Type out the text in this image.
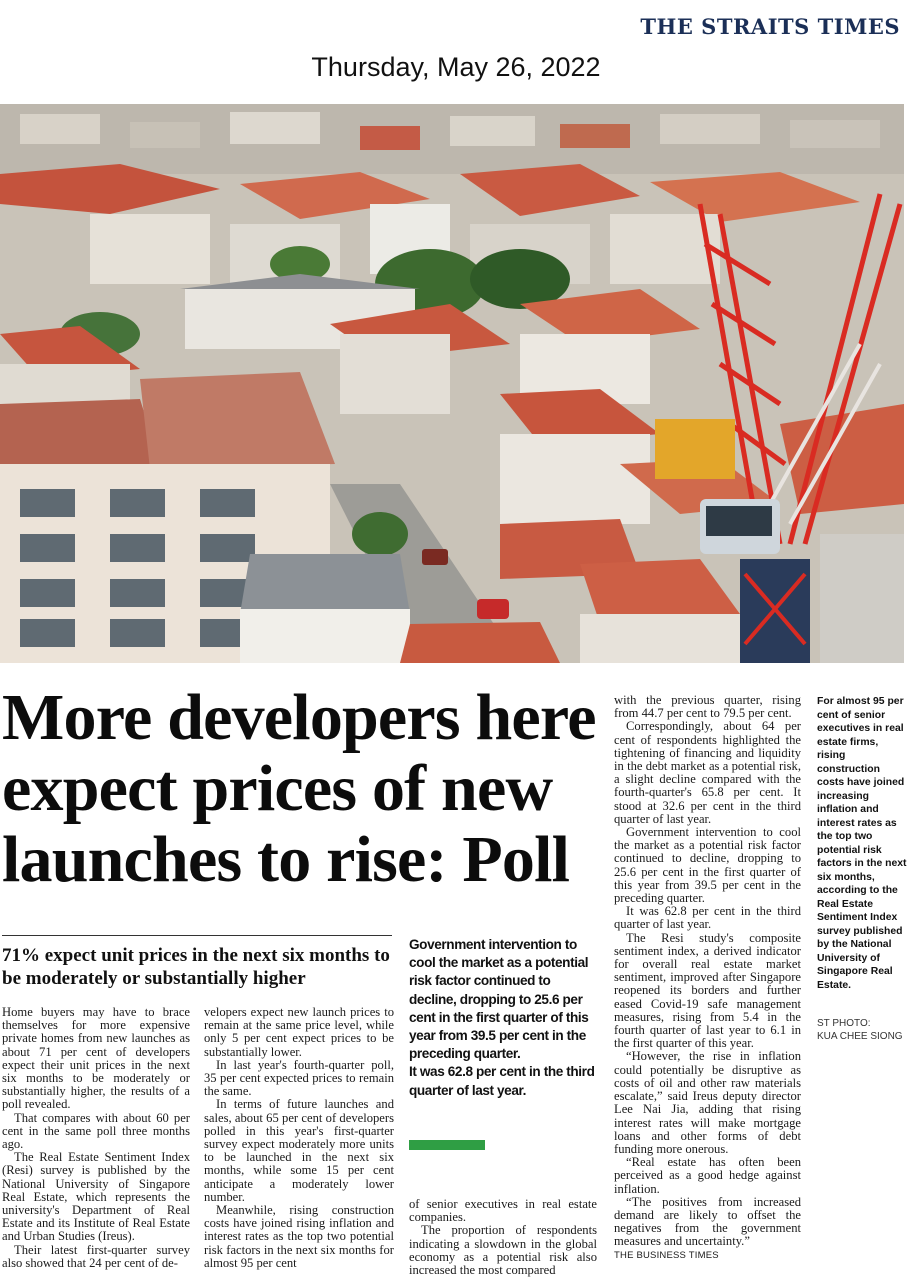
THE STRAITS TIMES
Thursday, May 26, 2022
More developers here expect prices of new launches to rise: Poll
71% expect unit prices in the next six months to be moderately or substantially higher

Home buyers may have to brace themselves for more expensive private homes from new launches as about 71 per cent of developers expect their unit prices in the next six months to be moderately or substantially higher, the results of a poll revealed.

That compares with about 60 per cent in the same poll three months ago.

The Real Estate Sentiment Index (Resi) survey is published by the National University of Singapore Real Estate, which represents the university's Department of Real Estate and its Institute of Real Estate and Urban Studies (Ireus).

Their latest first-quarter survey also showed that 24 per cent of de-

velopers expect new launch prices to remain at the same price level, while only 5 per cent expect prices to be substantially lower.

In last year's fourth-quarter poll, 35 per cent expected prices to remain the same.

In terms of future launches and sales, about 65 per cent of developers polled in this year's first-quarter survey expect moderately more units to be launched in the next six months, while some 15 per cent anticipate a moderately lower number.

Meanwhile, rising construction costs have joined rising inflation and interest rates as the top two potential risk factors in the next six months for almost 95 per cent

Government intervention to cool the market as a potential risk factor continued to decline, dropping to 25.6 per cent in the first quarter of this year from 39.5 per cent in the preceding quarter.

It was 62.8 per cent in the third quarter of last year.

of senior executives in real estate companies.

The proportion of respondents indicating a slowdown in the global economy as a potential risk also increased the most compared

with the previous quarter, rising from 44.7 per cent to 79.5 per cent.

Correspondingly, about 64 per cent of respondents highlighted the tightening of financing and liquidity in the debt market as a potential risk, a slight decline compared with the fourth-quarter's 65.8 per cent. It stood at 32.6 per cent in the third quarter of last year.

Government intervention to cool the market as a potential risk factor continued to decline, dropping to 25.6 per cent in the first quarter of this year from 39.5 per cent in the preceding quarter.

It was 62.8 per cent in the third quarter of last year.

The Resi study's composite sentiment index, a derived indicator for overall real estate market sentiment, improved after Singapore reopened its borders and further eased Covid-19 safe management measures, rising from 5.4 in the fourth quarter of last year to 6.1 in the first quarter of this year.

“However, the rise in inflation could potentially be disruptive as costs of oil and other raw materials escalate,” said Ireus deputy director Lee Nai Jia, adding that rising interest rates will make mortgage loans and other forms of debt funding more onerous.

“Real estate has often been perceived as a good hedge against inflation.

“The positives from increased demand are likely to offset the negatives from the government measures and uncertainty.”

THE BUSINESS TIMES

For almost 95 per cent of senior executives in real estate firms, rising construction costs have joined increasing inflation and interest rates as the top two potential risk factors in the next six months, according to the Real Estate Sentiment Index survey published by the National University of Singapore Real Estate.
ST PHOTO:
KUA CHEE SIONG
